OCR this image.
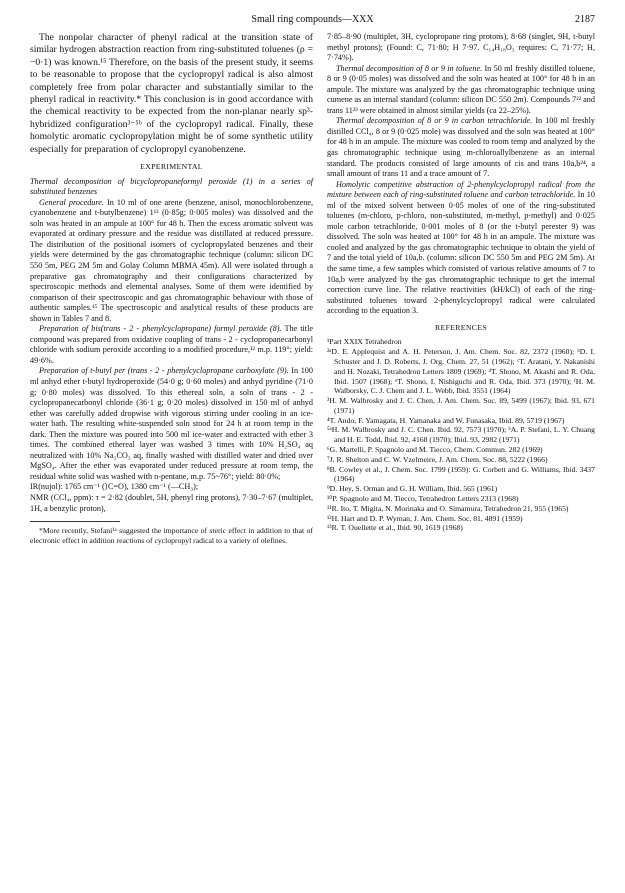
Small ring compounds—XXX	2187

The nonpolar character of phenyl radical at the transition state of similar hydrogen abstraction reaction from ring-substituted toluenes (ρ = −0·1) was known.¹⁵ Therefore, on the basis of the present study, it seems to be reasonable to propose that the cyclopropyl radical is also almost completely free from polar character and substantially similar to the phenyl radical in reactivity.* This conclusion is in good accordance with the chemical reactivity to be expected from the non-planar nearly sp³-hybridized configuration³⁻⁵ᵇ of the cyclopropyl radical. Finally, these homolytic aromatic cyclopropylation might be of some synthetic utility especially for preparation of cyclopropyl cyanobenzene.

EXPERIMENTAL

Thermal decomposition of bicyclopropaneformyl peroxide (1) in a series of substituted benzenes

General procedure. In 10 ml of one arene (benzene, anisol, monochlorobenzene, cyanobenzene and t-butylbenzene) 1¹² (0·85g; 0·005 moles) was dissolved and the soln was heated in an ampule at 100° for 48 h. Then the excess aromatic solvent was evaporated at ordinary pressure and the residue was distillated at reduced pressure. The distribution of the positional isomers of cyclopropylated benzenes and their yields were determined by the gas chromatographic technique (column: silicon DC 550 5m, PEG 2M 5m and Golay Column MBMA 45m). All were isolated through a preparative gas chromatography and their configurations characterized by spectroscopic methods and elemental analyses. Some of them were identified by comparison of their spectroscopic and gas chromatographic behaviour with those of authentic samples.¹⁵ The spectroscopic and analytical results of these products are shown in Tables 7 and 8.

Preparation of bis(trans - 2 - phenylcyclopropane) formyl peroxide (8). The title compound was prepared from oxidative coupling of trans - 2 - cyclopropanecarbonyl chloride with sodium peroxide according to a modified procedure,¹² m.p. 119°; yield: 49·6%.

Preparation of t-butyl per (trans - 2 - phenylcyclopropane carboxylate (9). In 100 ml anhyd ether t-butyl hydroperoxide (54·0 g; 0·60 moles) and anhyd pyridine (71·0 g; 0·80 moles) was dissolved. To this ethereal soln, a soln of trans - 2 - cyclopropanecarbonyl chloride (36·1 g; 0·20 moles) dissolved in 150 ml of anhyd ether was carefully added dropwise with vigorous stirring under cooling in an ice-water bath. The resulting white-suspended soln stood for 24 h at room temp in the dark. Then the mixture was poured into 500 ml ice-water and extracted with ether 3 times. The combined ethereal layer was washed 3 times with 10% H₂SO₄ aq neutralized with 10% Na₂CO₃ aq, finally washed with distilled water and dried over MgSO₄. After the ether was evaporated under reduced pressure at room temp, the residual white solid was washed with n-pentane, m.p. 75~76°; yield: 80·0%;

IR(nujol): 1765 cm⁻¹ (⟩C=O), 1380 cm⁻¹ (—CH₃);

NMR (CCl₄, ppm): τ = 2·82 (doublet, 5H, phenyl ring protons), 7·30–7·67 (multiplet, 1H, a benzylic proton),

*More recently, Stefani¹ᵃ suggested the importance of steric effect in addition to that of electronic effect in addition reactions of cyclopropyl radical to a variety of olefines.

7·85–8·90 (multiplet, 3H, cyclopropane ring protons), 8·68 (singlet, 9H, t-butyl methyl protons); (Found: C, 71·80; H 7·97. C₁₄H₁₈O₃ requires: C, 71·77; H, 7·74%).

Thermal decomposition of 8 or 9 in toluene. In 50 ml freshly distilled toluene, 8 or 9 (0·05 moles) was dissolved and the soln was heated at 100° for 48 h in an ampule. The mixture was analyzed by the gas chromatographic technique using cumene as an internal standard (column: silicon DC 550 2m). Compounds 7²² and trans 11²³ were obtained in almost similar yields (ca 22–25%).

Thermal decomposition of 8 or 9 in carbon tetrachloride. In 100 ml freshly distilled CCl₄, 8 or 9 (0·025 mole) was dissolved and the soln was heated at 100° for 48 h in an ampule. The mixture was cooled to room temp and analyzed by the gas chromatographic technique using m-chloroallylbenzene as an internal standard. The products consisted of large amounts of cis and trans 10a,b²⁴, a small amount of trans 11 and a trace amount of 7.

Homolytic competitive abstraction of 2-phenylcyclopropyl radical from the mixture between each of ring-substituted toluene and carbon tetrachloride. In 10 ml of the mixed solvent between 0·05 moles of one of the ring-substituted toluenes (m-chloro, p-chloro, non-substituted, m-methyl, p-methyl) and 0·025 mole carbon tetrachloride, 0·001 moles of 8 (or the t-butyl perester 9) was dissolved. The soln was heated at 100° for 48 h in an ampule. The mixture was cooled and analyzed by the gas chromatographic technique to obtain the yield of 7 and the total yield of 10a,b. (column: silicon DC 550 5m and PEG 2M 5m). At the same time, a few samples which consisted of various relative amounts of 7 to 10a,b were analyzed by the gas chromatographic technique to get the internal correction curve line. The relative reactivities (kH/kCl) of each of the ring-substituted toluenes toward 2-phenylcyclopropyl radical were calculated according to the equation 3.

REFERENCES

¹Part XXIX Tetrahedron

²ᵃD. E. Applequist and A. H. Peterson, J. Am. Chem. Soc. 82, 2372 (1960); ᵇD. I. Schuster and J. D. Roberts, J. Org. Chem. 27, 51 (1962); ᶜT. Aratani, Y. Nakanishi and H. Nozaki, Tetrahedron Letters 1809 (1969); ᵈT. Shono, M. Akashi and R. Oda, Ibid. 1507 (1968); ᵉT. Shono, I. Nishiguchi and R. Oda, Ibid. 373 (1970); ᶠH. M. Walborsky, C. J. Chem and J. L. Webb, Ibid. 3551 (1964)

³H. M. Walbrosky and J. C. Chen, J. Am. Chem. Soc. 89, 5499 (1967); Ibid. 93, 671 (1971)

⁴T. Ando, F. Yamagata, H. Yamanaka and W. Funasaka, Ibid. 89, 5719 (1967)

⁵ᵃH. M. Walbrosky and J. C. Chen. Ibid. 92, 7573 (1970); ᵇA. P. Stefani, L. Y. Chuang and H. E. Todd, Ibid. 92, 4168 (1970); Ibid. 93, 2982 (1971)

⁶G. Martelli, P. Spagnolo and M. Tiecco, Chem. Commun. 282 (1969)

⁷J. R. Shelton and C. W. Vzelmeire, J. Am. Chem. Soc. 88, 5222 (1966)

⁸B. Cowley et al., J. Chem. Soc. 1799 (1959): G. Corbett and G. Williams, Ibid. 3437 (1964)

⁹D. Hey, S. Orman and G. H. William, Ibid. 565 (1961)

¹⁰P. Spagnolo and M. Tiecco, Tetrahedron Letters 2313 (1968)

¹¹R. Ito, T. Migita, N. Morinaka and O. Simamura, Tetrahedron 21, 955 (1965)

¹²H. Hart and D. P. Wyman, J. Am. Chem. Soc. 81, 4891 (1959)

¹³R. T. Ouellette et al., Ibid. 90, 1619 (1968)
